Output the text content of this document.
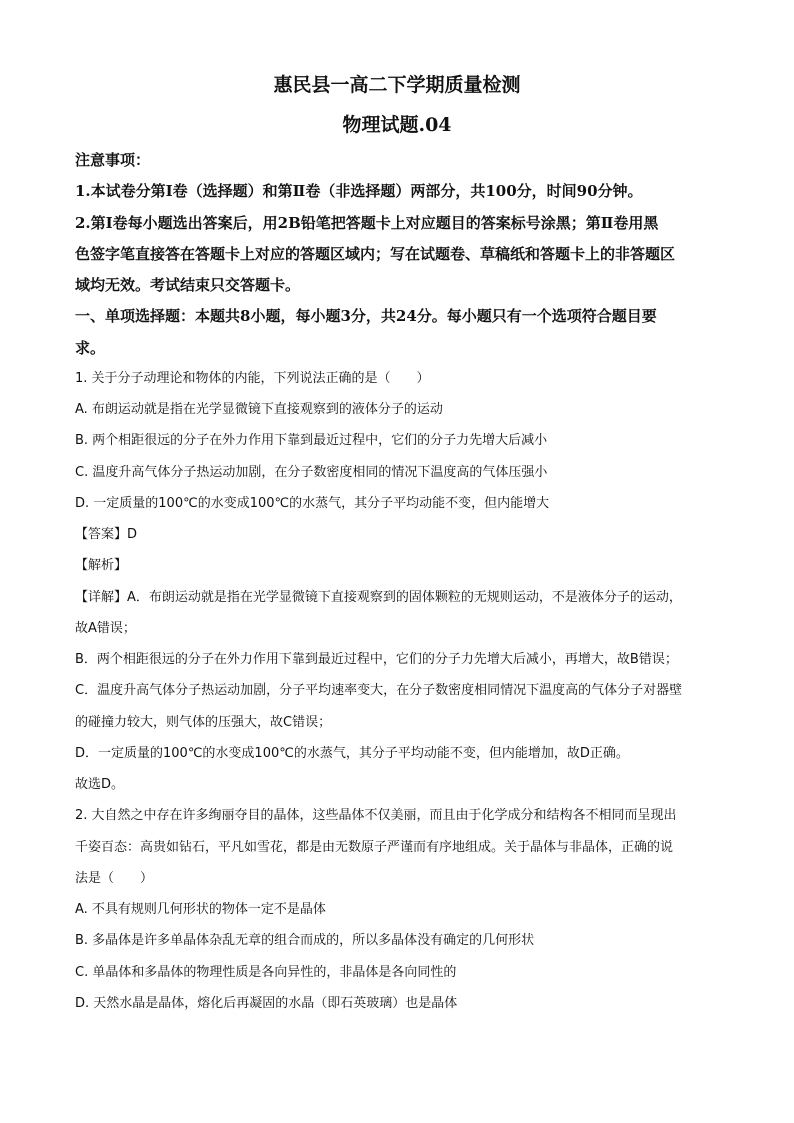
惠民县一高二下学期质量检测
物理试题.04
注意事项：
1.本试卷分第Ⅰ卷（选择题）和第Ⅱ卷（非选择题）两部分，共100分，时间90分钟。
2.第Ⅰ卷每小题选出答案后，用2B铅笔把答题卡上对应题目的答案标号涂黑；第Ⅱ卷用黑
色签字笔直接答在答题卡上对应的答题区域内；写在试题卷、草稿纸和答题卡上的非答题区
域均无效。考试结束只交答题卡。
一、单项选择题：本题共8小题，每小题3分，共24分。每小题只有一个选项符合题目要
求。
1. 关于分子动理论和物体的内能，下列说法正确的是（　　）
A. 布朗运动就是指在光学显微镜下直接观察到的液体分子的运动
B. 两个相距很远的分子在外力作用下靠到最近过程中，它们的分子力先增大后减小
C. 温度升高气体分子热运动加剧，在分子数密度相同的情况下温度高的气体压强小
D. 一定质量的100℃的水变成100℃的水蒸气，其分子平均动能不变，但内能增大
【答案】D
【解析】
【详解】A．布朗运动就是指在光学显微镜下直接观察到的固体颗粒的无规则运动，不是液体分子的运动，
故A错误；
B．两个相距很远的分子在外力作用下靠到最近过程中，它们的分子力先增大后减小，再增大，故B错误；
C．温度升高气体分子热运动加剧，分子平均速率变大，在分子数密度相同情况下温度高的气体分子对器壁
的碰撞力较大，则气体的压强大，故C错误；
D．一定质量的100℃的水变成100℃的水蒸气，其分子平均动能不变，但内能增加，故D正确。
故选D。
2. 大自然之中存在许多绚丽夺目的晶体，这些晶体不仅美丽，而且由于化学成分和结构各不相同而呈现出
千姿百态：高贵如钻石，平凡如雪花，都是由无数原子严谨而有序地组成。关于晶体与非晶体，正确的说
法是（　　）
A. 不具有规则几何形状的物体一定不是晶体
B. 多晶体是许多单晶体杂乱无章的组合而成的，所以多晶体没有确定的几何形状
C. 单晶体和多晶体的物理性质是各向异性的，非晶体是各向同性的
D. 天然水晶是晶体，熔化后再凝固的水晶（即石英玻璃）也是晶体
